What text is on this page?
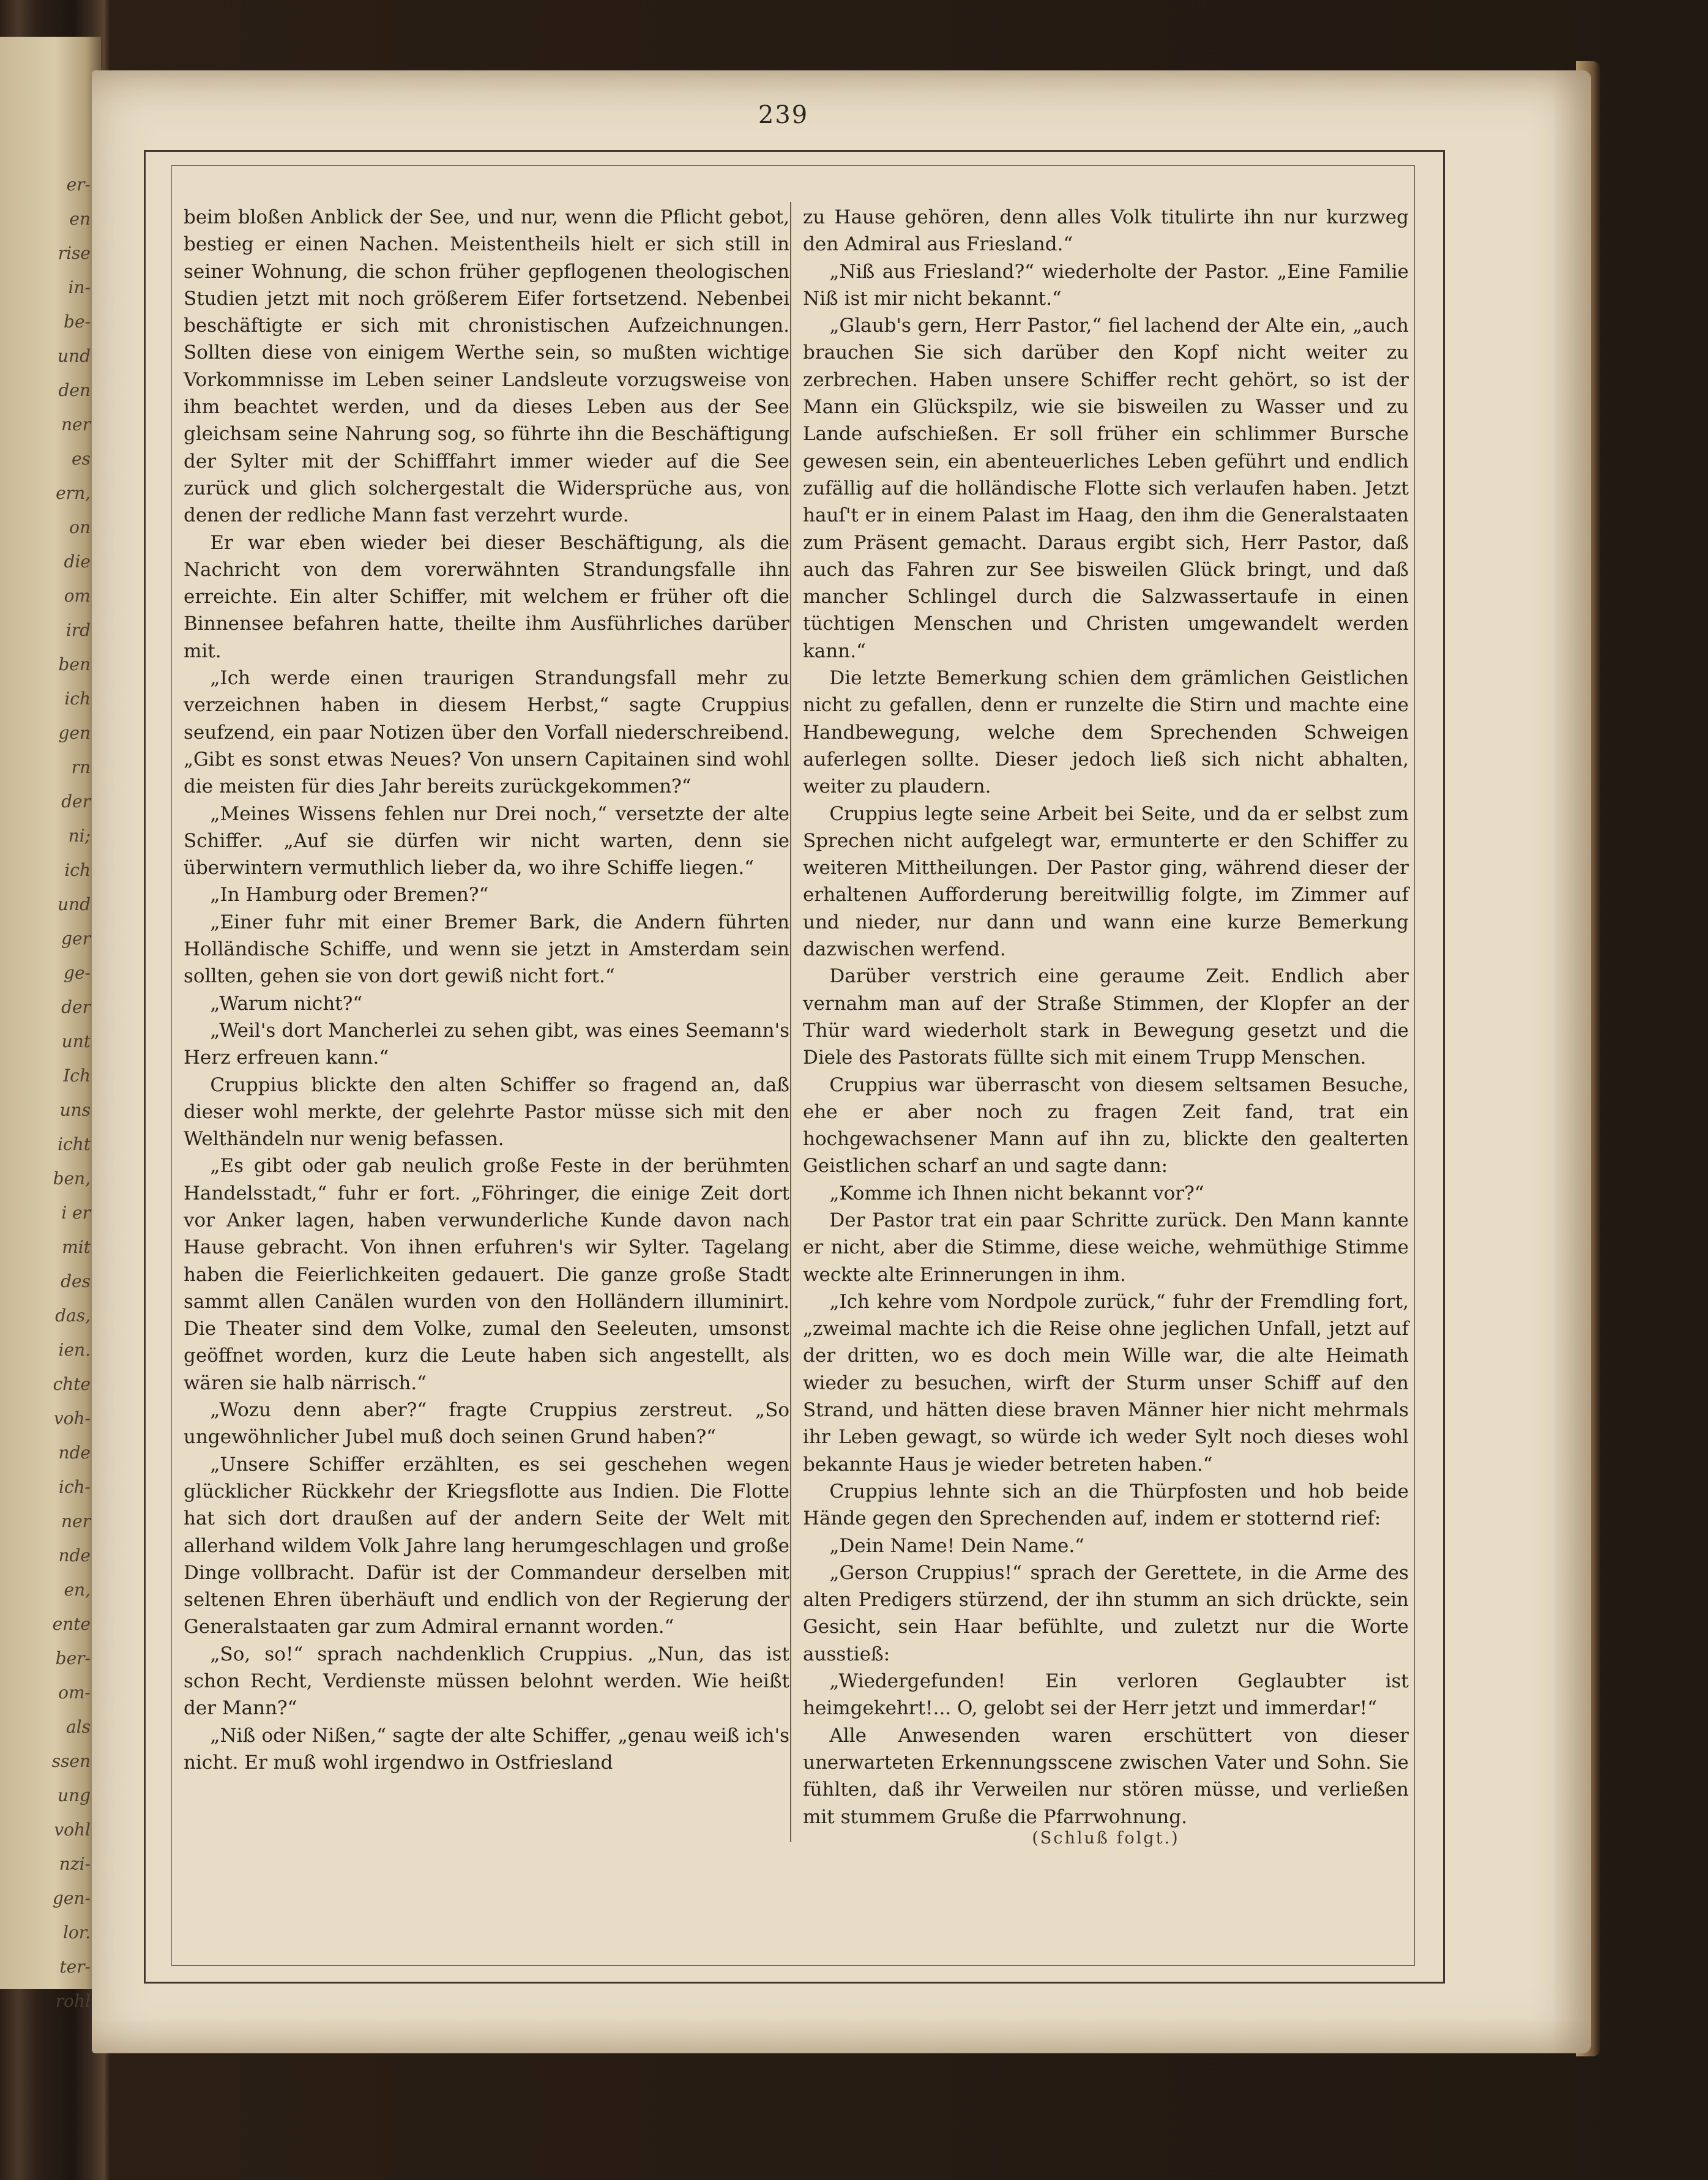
er-
en
rise
in-
be-
und
den
ner
es
ern,
on
die
om
ird
ben
ich
gen
rn
der
ni;
ich
und
ger
ge-
der
unt
Ich
uns
icht
ben,
i er
mit
des
das,
ien.
chte
voh-
nde
ich-
ner
nde
en,
ente
ber-
om-
als
ssen
ung
vohl
nzi-
gen-
lor.
ter-
rohl
239

beim bloßen Anblick der See, und nur, wenn die Pflicht gebot, bestieg er einen Nachen. Meistentheils hielt er sich still in seiner Wohnung, die schon früher gepflogenen theologischen Studien jetzt mit noch größerem Eifer fortsetzend. Nebenbei beschäftigte er sich mit chronistischen Aufzeichnungen. Sollten diese von einigem Werthe sein, so mußten wichtige Vorkommnisse im Leben seiner Landsleute vorzugsweise von ihm beachtet werden, und da dieses Leben aus der See gleichsam seine Nahrung sog, so führte ihn die Beschäftigung der Sylter mit der Schifffahrt immer wieder auf die See zurück und glich solchergestalt die Widersprüche aus, von denen der redliche Mann fast verzehrt wurde.

Er war eben wieder bei dieser Beschäftigung, als die Nachricht von dem vorerwähnten Strandungsfalle ihn erreichte. Ein alter Schiffer, mit welchem er früher oft die Binnensee befahren hatte, theilte ihm Ausführliches darüber mit.

„Ich werde einen traurigen Strandungsfall mehr zu verzeichnen haben in diesem Herbst,“ sagte Cruppius seufzend, ein paar Notizen über den Vorfall niederschreibend. „Gibt es sonst etwas Neues? Von unsern Capitainen sind wohl die meisten für dies Jahr bereits zurückgekommen?“

„Meines Wissens fehlen nur Drei noch,“ versetzte der alte Schiffer. „Auf sie dürfen wir nicht warten, denn sie überwintern vermuthlich lieber da, wo ihre Schiffe liegen.“

„In Hamburg oder Bremen?“

„Einer fuhr mit einer Bremer Bark, die Andern führten Holländische Schiffe, und wenn sie jetzt in Amsterdam sein sollten, gehen sie von dort gewiß nicht fort.“

„Warum nicht?“

„Weil's dort Mancherlei zu sehen gibt, was eines Seemann's Herz erfreuen kann.“

Cruppius blickte den alten Schiffer so fragend an, daß dieser wohl merkte, der gelehrte Pastor müsse sich mit den Welthändeln nur wenig befassen.

„Es gibt oder gab neulich große Feste in der berühmten Handelsstadt,“ fuhr er fort. „Föhringer, die einige Zeit dort vor Anker lagen, haben verwunderliche Kunde davon nach Hause gebracht. Von ihnen erfuhren's wir Sylter. Tagelang haben die Feierlichkeiten gedauert. Die ganze große Stadt sammt allen Canälen wurden von den Holländern illuminirt. Die Theater sind dem Volke, zumal den Seeleuten, umsonst geöffnet worden, kurz die Leute haben sich angestellt, als wären sie halb närrisch.“

„Wozu denn aber?“ fragte Cruppius zerstreut. „So ungewöhnlicher Jubel muß doch seinen Grund haben?“

„Unsere Schiffer erzählten, es sei geschehen wegen glücklicher Rückkehr der Kriegsflotte aus Indien. Die Flotte hat sich dort draußen auf der andern Seite der Welt mit allerhand wildem Volk Jahre lang herumgeschlagen und große Dinge vollbracht. Dafür ist der Commandeur derselben mit seltenen Ehren überhäuft und endlich von der Regierung der Generalstaaten gar zum Admiral ernannt worden.“

„So, so!“ sprach nachdenklich Cruppius. „Nun, das ist schon Recht, Verdienste müssen belohnt werden. Wie heißt der Mann?“

„Niß oder Nißen,“ sagte der alte Schiffer, „genau weiß ich's nicht. Er muß wohl irgendwo in Ostfriesland

zu Hause gehören, denn alles Volk titulirte ihn nur kurzweg den Admiral aus Friesland.“

„Niß aus Friesland?“ wiederholte der Pastor. „Eine Familie Niß ist mir nicht bekannt.“

„Glaub's gern, Herr Pastor,“ fiel lachend der Alte ein, „auch brauchen Sie sich darüber den Kopf nicht weiter zu zerbrechen. Haben unsere Schiffer recht gehört, so ist der Mann ein Glückspilz, wie sie bisweilen zu Wasser und zu Lande aufschießen. Er soll früher ein schlimmer Bursche gewesen sein, ein abenteuerliches Leben geführt und endlich zufällig auf die holländische Flotte sich verlaufen haben. Jetzt hauſ't er in einem Palast im Haag, den ihm die Generalstaaten zum Präsent gemacht. Daraus ergibt sich, Herr Pastor, daß auch das Fahren zur See bisweilen Glück bringt, und daß mancher Schlingel durch die Salzwassertaufe in einen tüchtigen Menschen und Christen umgewandelt werden kann.“

Die letzte Bemerkung schien dem grämlichen Geistlichen nicht zu gefallen, denn er runzelte die Stirn und machte eine Handbewegung, welche dem Sprechenden Schweigen auferlegen sollte. Dieser jedoch ließ sich nicht abhalten, weiter zu plaudern.

Cruppius legte seine Arbeit bei Seite, und da er selbst zum Sprechen nicht aufgelegt war, ermunterte er den Schiffer zu weiteren Mittheilungen. Der Pastor ging, während dieser der erhaltenen Aufforderung bereitwillig folgte, im Zimmer auf und nieder, nur dann und wann eine kurze Bemerkung dazwischen werfend.

Darüber verstrich eine geraume Zeit. Endlich aber vernahm man auf der Straße Stimmen, der Klopfer an der Thür ward wiederholt stark in Bewegung gesetzt und die Diele des Pastorats füllte sich mit einem Trupp Menschen.

Cruppius war überrascht von diesem seltsamen Besuche, ehe er aber noch zu fragen Zeit fand, trat ein hochgewachsener Mann auf ihn zu, blickte den gealterten Geistlichen scharf an und sagte dann:

„Komme ich Ihnen nicht bekannt vor?“

Der Pastor trat ein paar Schritte zurück. Den Mann kannte er nicht, aber die Stimme, diese weiche, wehmüthige Stimme weckte alte Erinnerungen in ihm.

„Ich kehre vom Nordpole zurück,“ fuhr der Fremdling fort, „zweimal machte ich die Reise ohne jeglichen Unfall, jetzt auf der dritten, wo es doch mein Wille war, die alte Heimath wieder zu besuchen, wirft der Sturm unser Schiff auf den Strand, und hätten diese braven Männer hier nicht mehrmals ihr Leben gewagt, so würde ich weder Sylt noch dieses wohl bekannte Haus je wieder betreten haben.“

Cruppius lehnte sich an die Thürpfosten und hob beide Hände gegen den Sprechenden auf, indem er stotternd rief:

„Dein Name! Dein Name.“

„Gerson Cruppius!“ sprach der Gerettete, in die Arme des alten Predigers stürzend, der ihn stumm an sich drückte, sein Gesicht, sein Haar befühlte, und zuletzt nur die Worte ausstieß:

„Wiedergefunden! Ein verloren Geglaubter ist heimgekehrt!... O, gelobt sei der Herr jetzt und immerdar!“

Alle Anwesenden waren erschüttert von dieser unerwarteten Erkennungsscene zwischen Vater und Sohn. Sie fühlten, daß ihr Verweilen nur stören müsse, und verließen mit stummem Gruße die Pfarrwohnung.

(Schluß folgt.)
